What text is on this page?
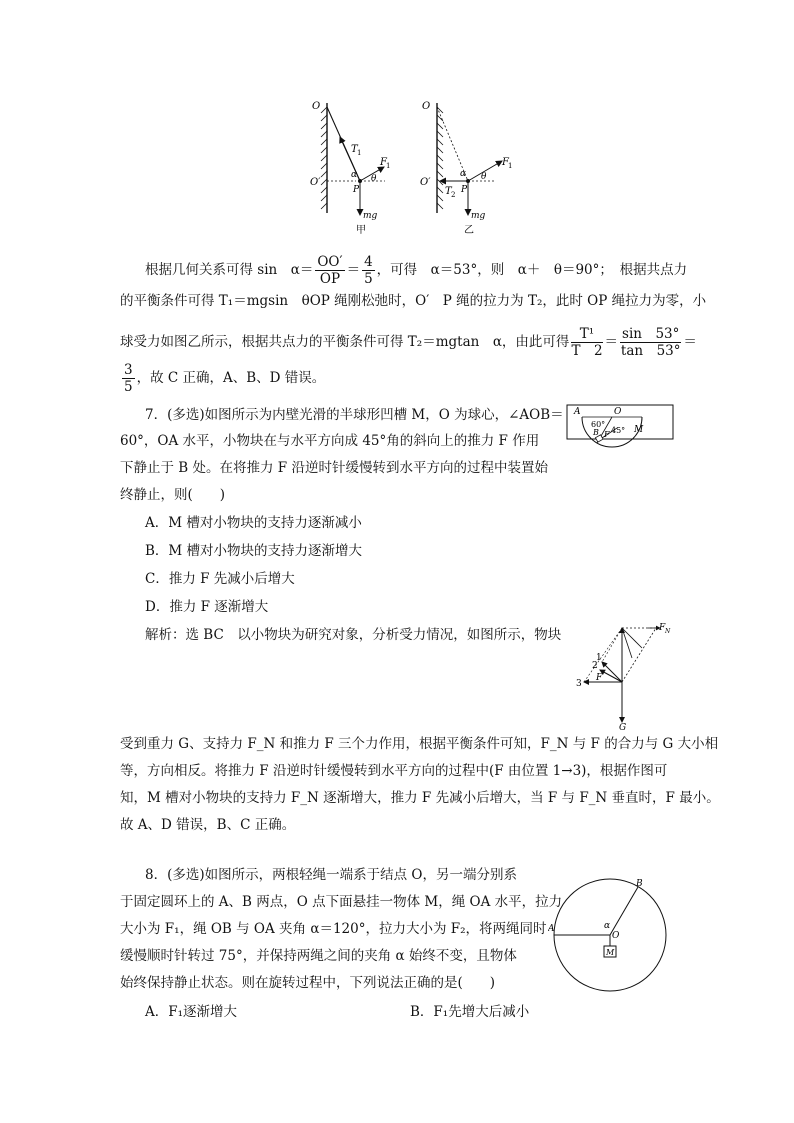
O
O′
T 1
F 1
α θ
P
mg
甲
O
O′
T 2
F 1
α θ
P
mg
乙
根据几何关系可得 sin　$\alpha= \frac{OO'}{OP} = \frac{4}{5}$ ，可得　α＝53°，则　α＋　θ＝90°；　根据共点力
的平衡条件可得 T₁＝mgsin　θOP 绳刚松弛时，O′　P 绳的拉力为 T₂，此时 OP 绳拉力为零，小
球受力如图乙所示，根据共点力的平衡条件可得 T₂＝mgtan　α，由此可得 $\frac{\text{T¹}}{T 2} = \frac{\sin 53^\circ}{\tan 53^\circ}$ ＝
$\frac{3}{5}$ ，故 C 正确，A、B、D 错误。
7．(多选)如图所示为内壁光滑的半球形凹槽 M，O 为球心，∠AOB＝
60°，OA 水平，小物块在与水平方向成 45°角的斜向上的推力 F 作用
下静止于 B 处。在将推力 F 沿逆时针缓慢转到水平方向的过程中装置始
终静止，则(　　)
A．M 槽对小物块的支持力逐渐减小
B．M 槽对小物块的支持力逐渐增大
C．推力 F 先减小后增大
D．推力 F 逐渐增大
A	O
60°
45°
B F	M
解析：选 BC　以小物块为研究对象，分析受力情况，如图所示，物块	F N
1
2
3
F
G
受到重力 G、支持力 F_N 和推力 F 三个力作用，根据平衡条件可知，F_N 与 F 的合力与 G 大小相
等，方向相反。将推力 F 沿逆时针缓慢转到水平方向的过程中(F 由位置 1→3)，根据作图可
知，M 槽对小物块的支持力 F_N 逐渐增大，推力 F 先减小后增大，当 F 与 F_N 垂直时，F 最小。
故 A、D 错误，B、C 正确。
8．(多选)如图所示，两根轻绳一端系于结点 O，另一端分别系
于固定圆环上的 A、B 两点，O 点下面悬挂一物体 M，绳 OA 水平，拉力
大小为 F₁，绳 OB 与 OA 夹角 α＝120°，拉力大小为 F₂，将两绳同时
缓慢顺时针转过 75°，并保持两绳之间的夹角 α 始终不变，且物体
始终保持静止状态。则在旋转过程中，下列说法正确的是(　　)
A．F₁逐渐增大	B．F₁先增大后减小
A
B
O
α
M
